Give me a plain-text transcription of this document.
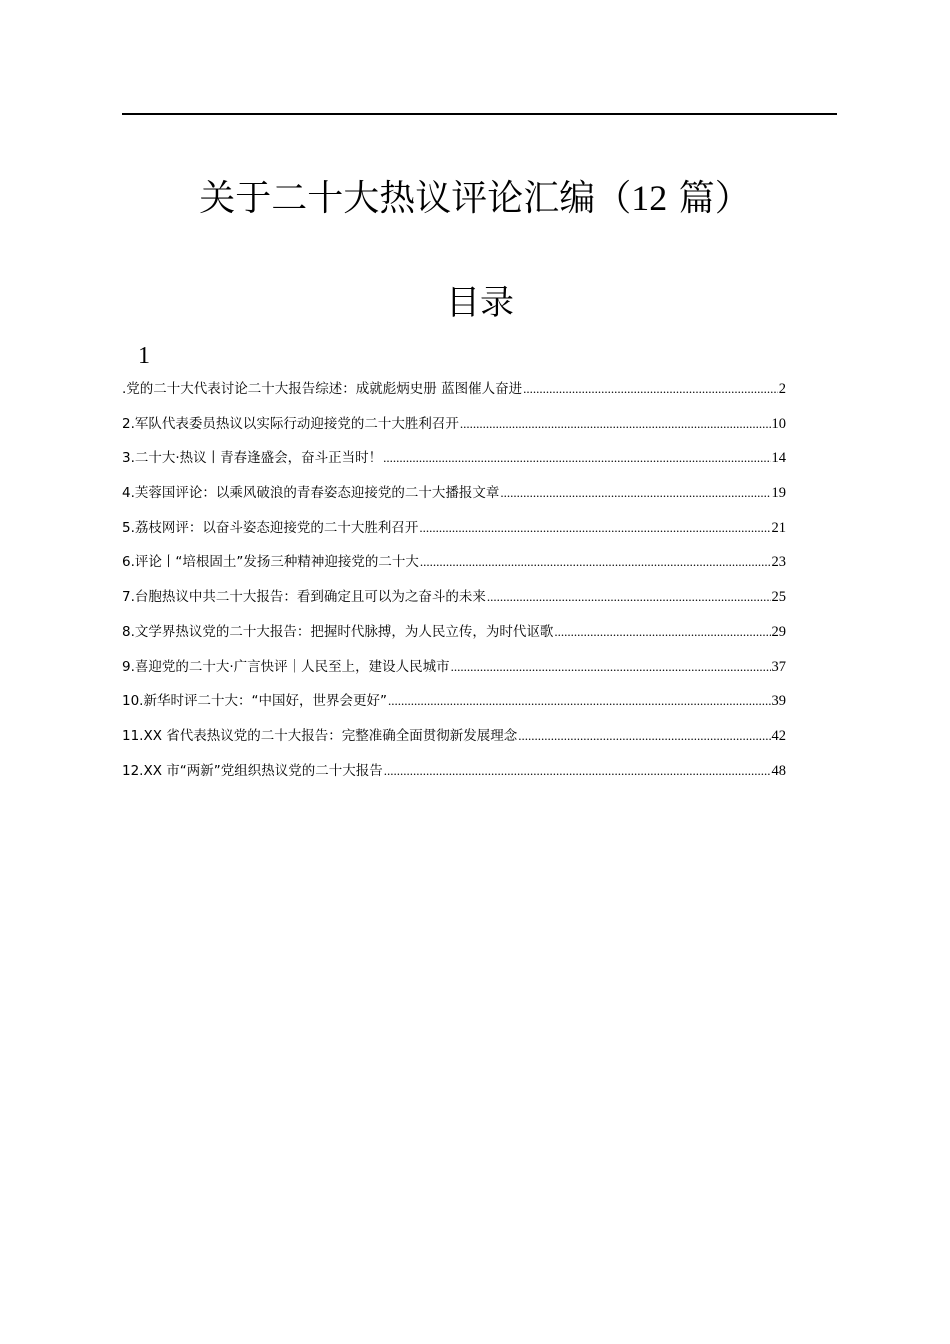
关于二十大热议评论汇编（12 篇）
目录
1
.党的二十大代表讨论二十大报告综述：成就彪炳史册 蓝图催人奋进 .....	2
2.军队代表委员热议以实际行动迎接党的二十大胜利召开 .....	10
3.二十大·热议丨青春逢盛会，奋斗正当时！ .....	14
4.芙蓉国评论：以乘风破浪的青春姿态迎接党的二十大播报文章 .....	19
5.荔枝网评：以奋斗姿态迎接党的二十大胜利召开 .....	21
6.评论丨“培根固土”发扬三种精神迎接党的二十大 .....	23
7.台胞热议中共二十大报告：看到确定且可以为之奋斗的未来 .....	25
8.文学界热议党的二十大报告：把握时代脉搏，为人民立传，为时代讴歌 .....	29
9.喜迎党的二十大·广言快评｜人民至上，建设人民城市 .....	37
10.新华时评二十大：“中国好，世界会更好” .....	39
11.XX 省代表热议党的二十大报告：完整准确全面贯彻新发展理念 .....	42
12.XX 市“两新”党组织热议党的二十大报告 .....	48
